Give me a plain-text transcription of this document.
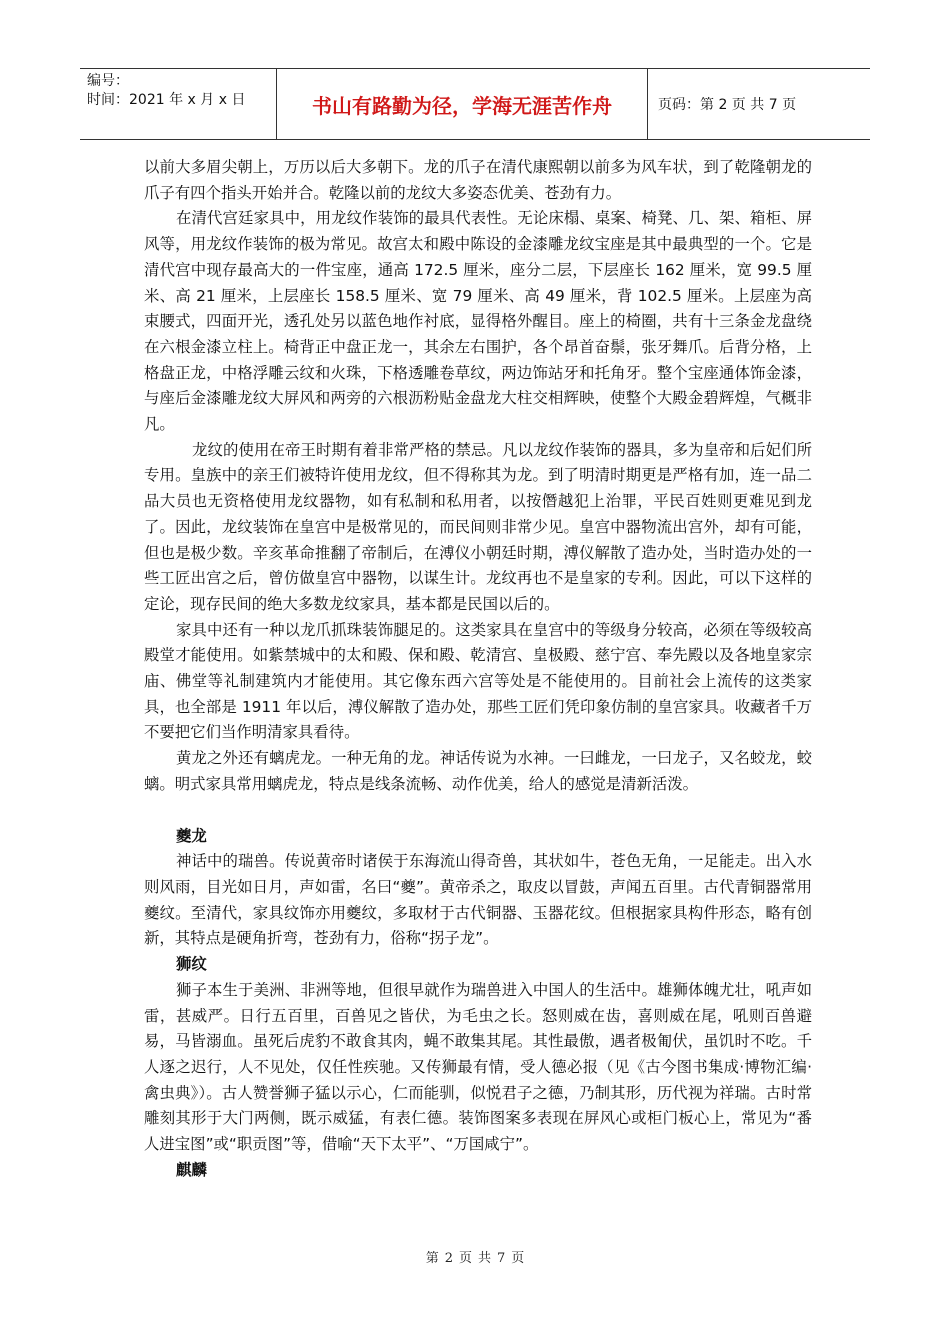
编号：
时间：2021 年 x 月 x 日	书山有路勤为径，学海无涯苦作舟	页码：第 2 页 共 7 页

以前大多眉尖朝上，万历以后大多朝下。龙的爪子在清代康熙朝以前多为风车状，到了乾隆朝龙的爪子有四个指头开始并合。乾隆以前的龙纹大多姿态优美、苍劲有力。

在清代宫廷家具中，用龙纹作装饰的最具代表性。无论床榻、桌案、椅凳、几、架、箱柜、屏风等，用龙纹作装饰的极为常见。故宫太和殿中陈设的金漆雕龙纹宝座是其中最典型的一个。它是清代宫中现存最高大的一件宝座，通高 172.5 厘米，座分二层，下层座长 162 厘米，宽 99.5 厘米、高 21 厘米，上层座长 158.5 厘米、宽 79 厘米、高 49 厘米，背 102.5 厘米。上层座为高束腰式，四面开光，透孔处另以蓝色地作衬底，显得格外醒目。座上的椅圈，共有十三条金龙盘绕在六根金漆立柱上。椅背正中盘正龙一，其余左右围护，各个昂首奋鬃，张牙舞爪。后背分格，上格盘正龙，中格浮雕云纹和火珠，下格透雕卷草纹，两边饰站牙和托角牙。整个宝座通体饰金漆，与座后金漆雕龙纹大屏风和两旁的六根沥粉贴金盘龙大柱交相辉映，使整个大殿金碧辉煌，气概非凡。

龙纹的使用在帝王时期有着非常严格的禁忌。凡以龙纹作装饰的器具，多为皇帝和后妃们所专用。皇族中的亲王们被特许使用龙纹，但不得称其为龙。到了明清时期更是严格有加，连一品二品大员也无资格使用龙纹器物，如有私制和私用者，以按僭越犯上治罪，平民百姓则更难见到龙了。因此，龙纹装饰在皇宫中是极常见的，而民间则非常少见。皇宫中器物流出宫外，却有可能，但也是极少数。辛亥革命推翻了帝制后，在溥仪小朝廷时期，溥仪解散了造办处，当时造办处的一些工匠出宫之后，曾仿做皇宫中器物，以谋生计。龙纹再也不是皇家的专利。因此，可以下这样的定论，现存民间的绝大多数龙纹家具，基本都是民国以后的。

家具中还有一种以龙爪抓珠装饰腿足的。这类家具在皇宫中的等级身分较高，必须在等级较高殿堂才能使用。如紫禁城中的太和殿、保和殿、乾清宫、皇极殿、慈宁宫、奉先殿以及各地皇家宗庙、佛堂等礼制建筑内才能使用。其它像东西六宫等处是不能使用的。目前社会上流传的这类家具，也全部是 1911 年以后，溥仪解散了造办处，那些工匠们凭印象仿制的皇宫家具。收藏者千万不要把它们当作明清家具看待。

黄龙之外还有螭虎龙。一种无角的龙。神话传说为水神。一曰雌龙，一曰龙子，又名蛟龙，蛟螭。明式家具常用螭虎龙，特点是线条流畅、动作优美，给人的感觉是清新活泼。

夔龙

神话中的瑞兽。传说黄帝时诸侯于东海流山得奇兽，其状如牛，苍色无角，一足能走。出入水则风雨，目光如日月，声如雷，名曰“夔”。黄帝杀之，取皮以冒鼓，声闻五百里。古代青铜器常用夔纹。至清代，家具纹饰亦用夔纹，多取材于古代铜器、玉器花纹。但根据家具构件形态，略有创新，其特点是硬角折弯，苍劲有力，俗称“拐子龙”。

狮纹

狮子本生于美洲、非洲等地，但很早就作为瑞兽进入中国人的生活中。雄狮体魄尤壮，吼声如雷，甚威严。日行五百里，百兽见之皆伏，为毛虫之长。怒则威在齿，喜则威在尾，吼则百兽避易，马皆溺血。虽死后虎豹不敢食其肉，蝇不敢集其尾。其性最傲，遇者极匍伏，虽饥时不吃。千人逐之迟行，人不见处，仅任性疾驰。又传狮最有情，受人德必报（见《古今图书集成·博物汇编·禽虫典》）。古人赞誉狮子猛以示心，仁而能驯，似悦君子之德，乃制其形，历代视为祥瑞。古时常雕刻其形于大门两侧，既示威猛，有表仁德。装饰图案多表现在屏风心或柜门板心上，常见为“番人进宝图”或“职贡图”等，借喻“天下太平”、“万国咸宁”。

麒麟

第 2 页 共 7 页
